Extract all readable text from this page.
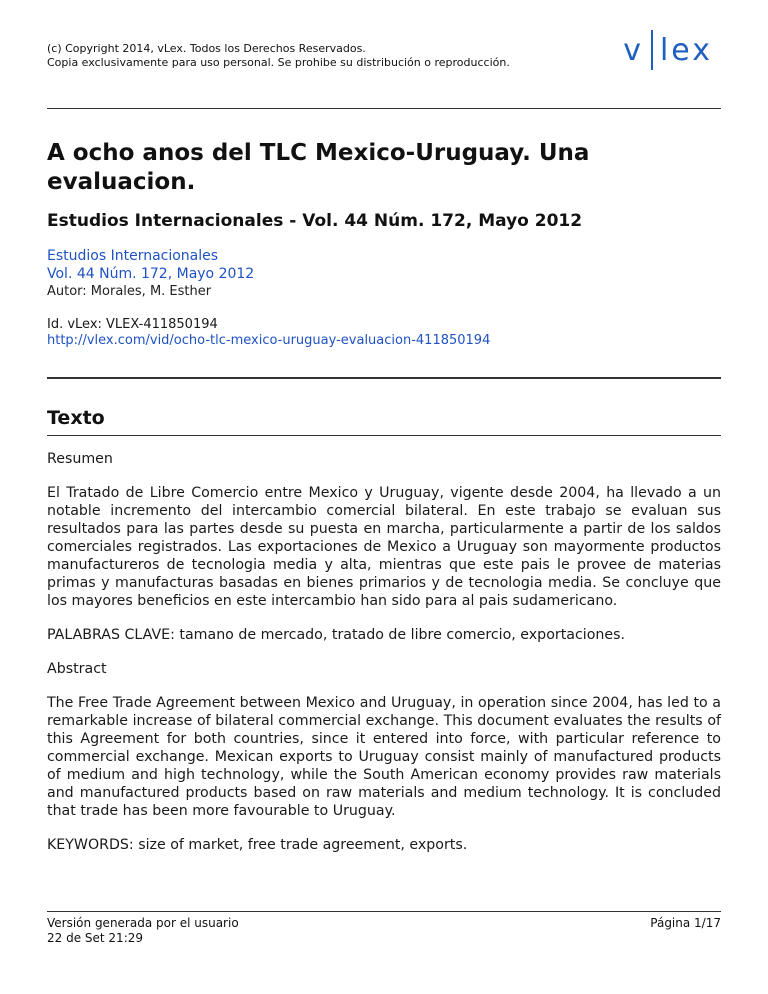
(c) Copyright 2014, vLex. Todos los Derechos Reservados.
Copia exclusivamente para uso personal. Se prohibe su distribución o reproducción.	v lex
A ocho anos del TLC Mexico-Uruguay. Una evaluacion.
Estudios Internacionales - Vol. 44 Núm. 172, Mayo 2012
Estudios Internacionales
Vol. 44 Núm. 172, Mayo 2012
Autor: Morales, M. Esther
Id. vLex: VLEX-411850194
http://vlex.com/vid/ocho-tlc-mexico-uruguay-evaluacion-411850194
Texto

Resumen

El Tratado de Libre Comercio entre Mexico y Uruguay, vigente desde 2004, ha llevado a un notable incremento del intercambio comercial bilateral. En este trabajo se evaluan sus resultados para las partes desde su puesta en marcha, particularmente a partir de los saldos comerciales registrados. Las exportaciones de Mexico a Uruguay son mayormente productos manufactureros de tecnologia media y alta, mientras que este pais le provee de materias primas y manufacturas basadas en bienes primarios y de tecnologia media. Se concluye que los mayores beneficios en este intercambio han sido para al pais sudamericano.

PALABRAS CLAVE: tamano de mercado, tratado de libre comercio, exportaciones.

Abstract

The Free Trade Agreement between Mexico and Uruguay, in operation since 2004, has led to a remarkable increase of bilateral commercial exchange. This document evaluates the results of this Agreement for both countries, since it entered into force, with particular reference to commercial exchange. Mexican exports to Uruguay consist mainly of manufactured products of medium and high technology, while the South American economy provides raw materials and manufactured products based on raw materials and medium technology. It is concluded that trade has been more favourable to Uruguay.

KEYWORDS: size of market, free trade agreement, exports.

Versión generada por el usuario
22 de Set 21:29
Página 1/17
